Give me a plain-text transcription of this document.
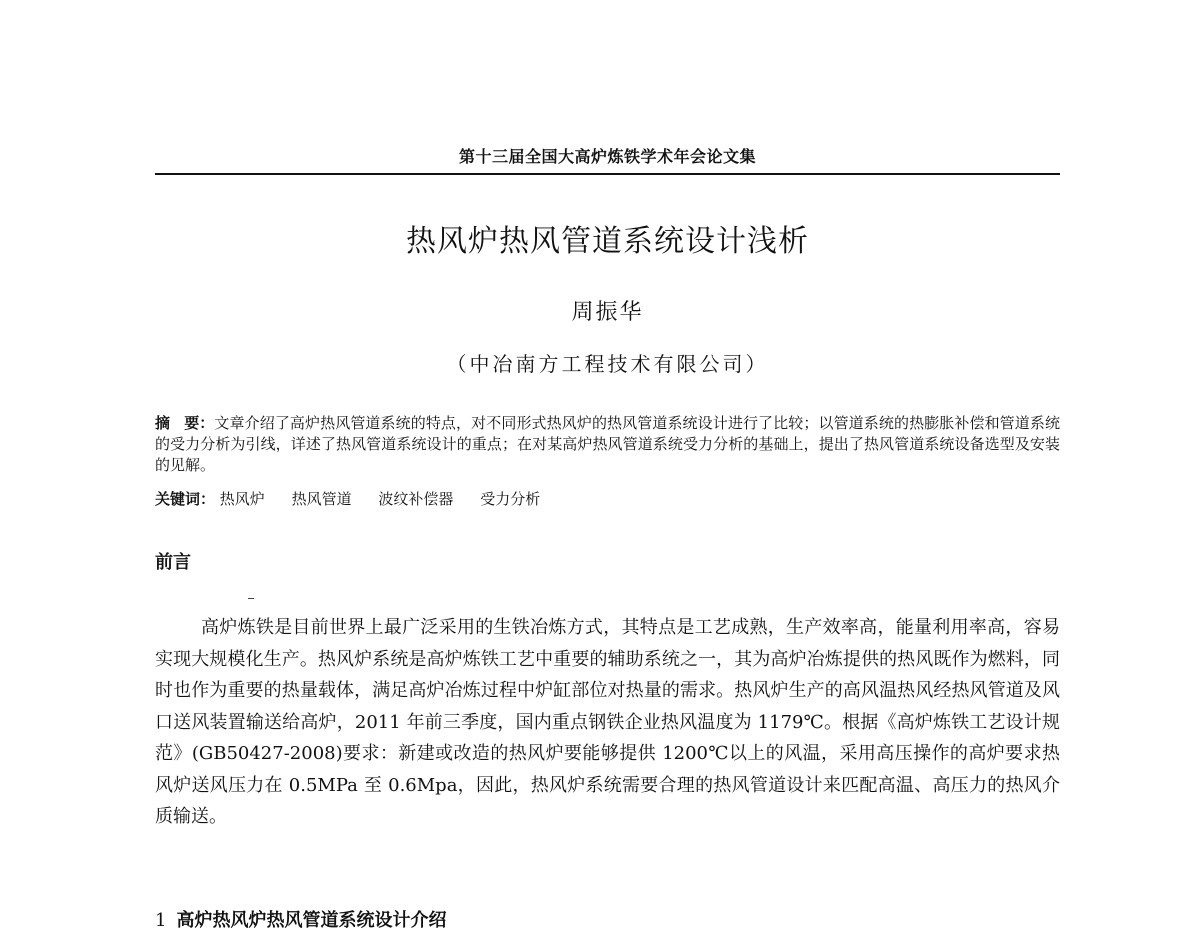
第十三届全国大高炉炼铁学术年会论文集
热风炉热风管道系统设计浅析
周振华
（中冶南方工程技术有限公司）

摘 要：文章介绍了高炉热风管道系统的特点，对不同形式热风炉的热风管道系统设计进行了比较；以管道系统的热膨胀补偿和管道系统的受力分析为引线，详述了热风管道系统设计的重点；在对某高炉热风管道系统受力分析的基础上，提出了热风管道系统设备选型及安装的见解。

关键词： 热风炉 热风管道 波纹补偿器 受力分析
前言

高炉炼铁是目前世界上最广泛采用的生铁冶炼方式，其特点是工艺成熟，生产效率高，能量利用率高，容易实现大规模化生产。热风炉系统是高炉炼铁工艺中重要的辅助系统之一，其为高炉冶炼提供的热风既作为燃料，同时也作为重要的热量载体，满足高炉冶炼过程中炉缸部位对热量的需求。热风炉生产的高风温热风经热风管道及风口送风装置输送给高炉，2011 年前三季度，国内重点钢铁企业热风温度为 1179℃。根据《高炉炼铁工艺设计规范》(GB50427-2008)要求：新建或改造的热风炉要能够提供 1200℃以上的风温，采用高压操作的高炉要求热风炉送风压力在 0.5MPa 至 0.6Mpa，因此，热风炉系统需要合理的热风管道设计来匹配高温、高压力的热风介质输送。

1 高炉热风炉热风管道系统设计介绍
